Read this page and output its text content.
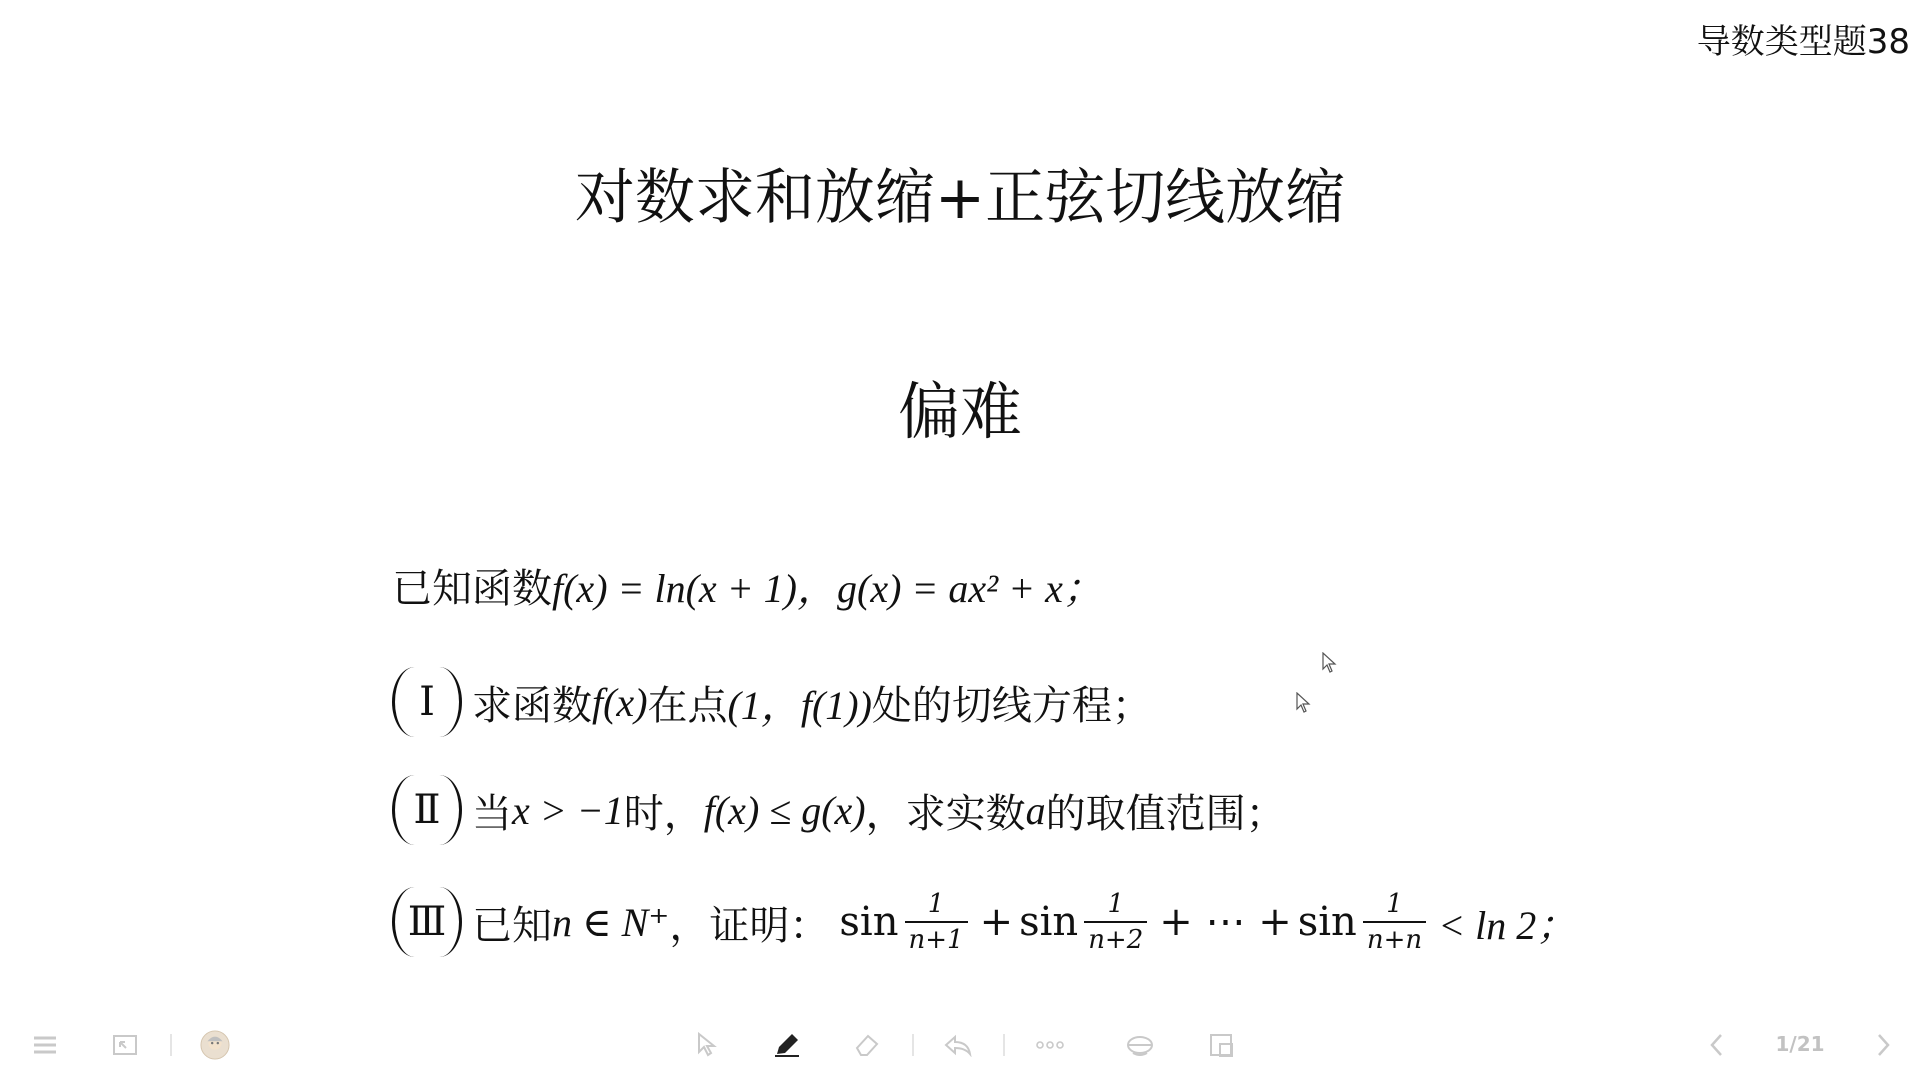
导数类型题38
对数求和放缩+正弦切线放缩
偏难
已知函数 f(x) = ln(x + 1)，g(x) = ax² + x；
Ⅰ 求函数 f(x) 在点 (1，f(1)) 处的切线方程；
Ⅱ 当 x > −1 时， f(x) ≤ g(x) ，求实数 a 的取值范围；
Ⅲ 已知 n ∈ N⁺ ，证明： $\sin \frac{1}{n+1} + \sin \frac{1}{n+2}$ + ⋯ + $\sin \frac{1}{n+n} < \ln 2$；
1/21
